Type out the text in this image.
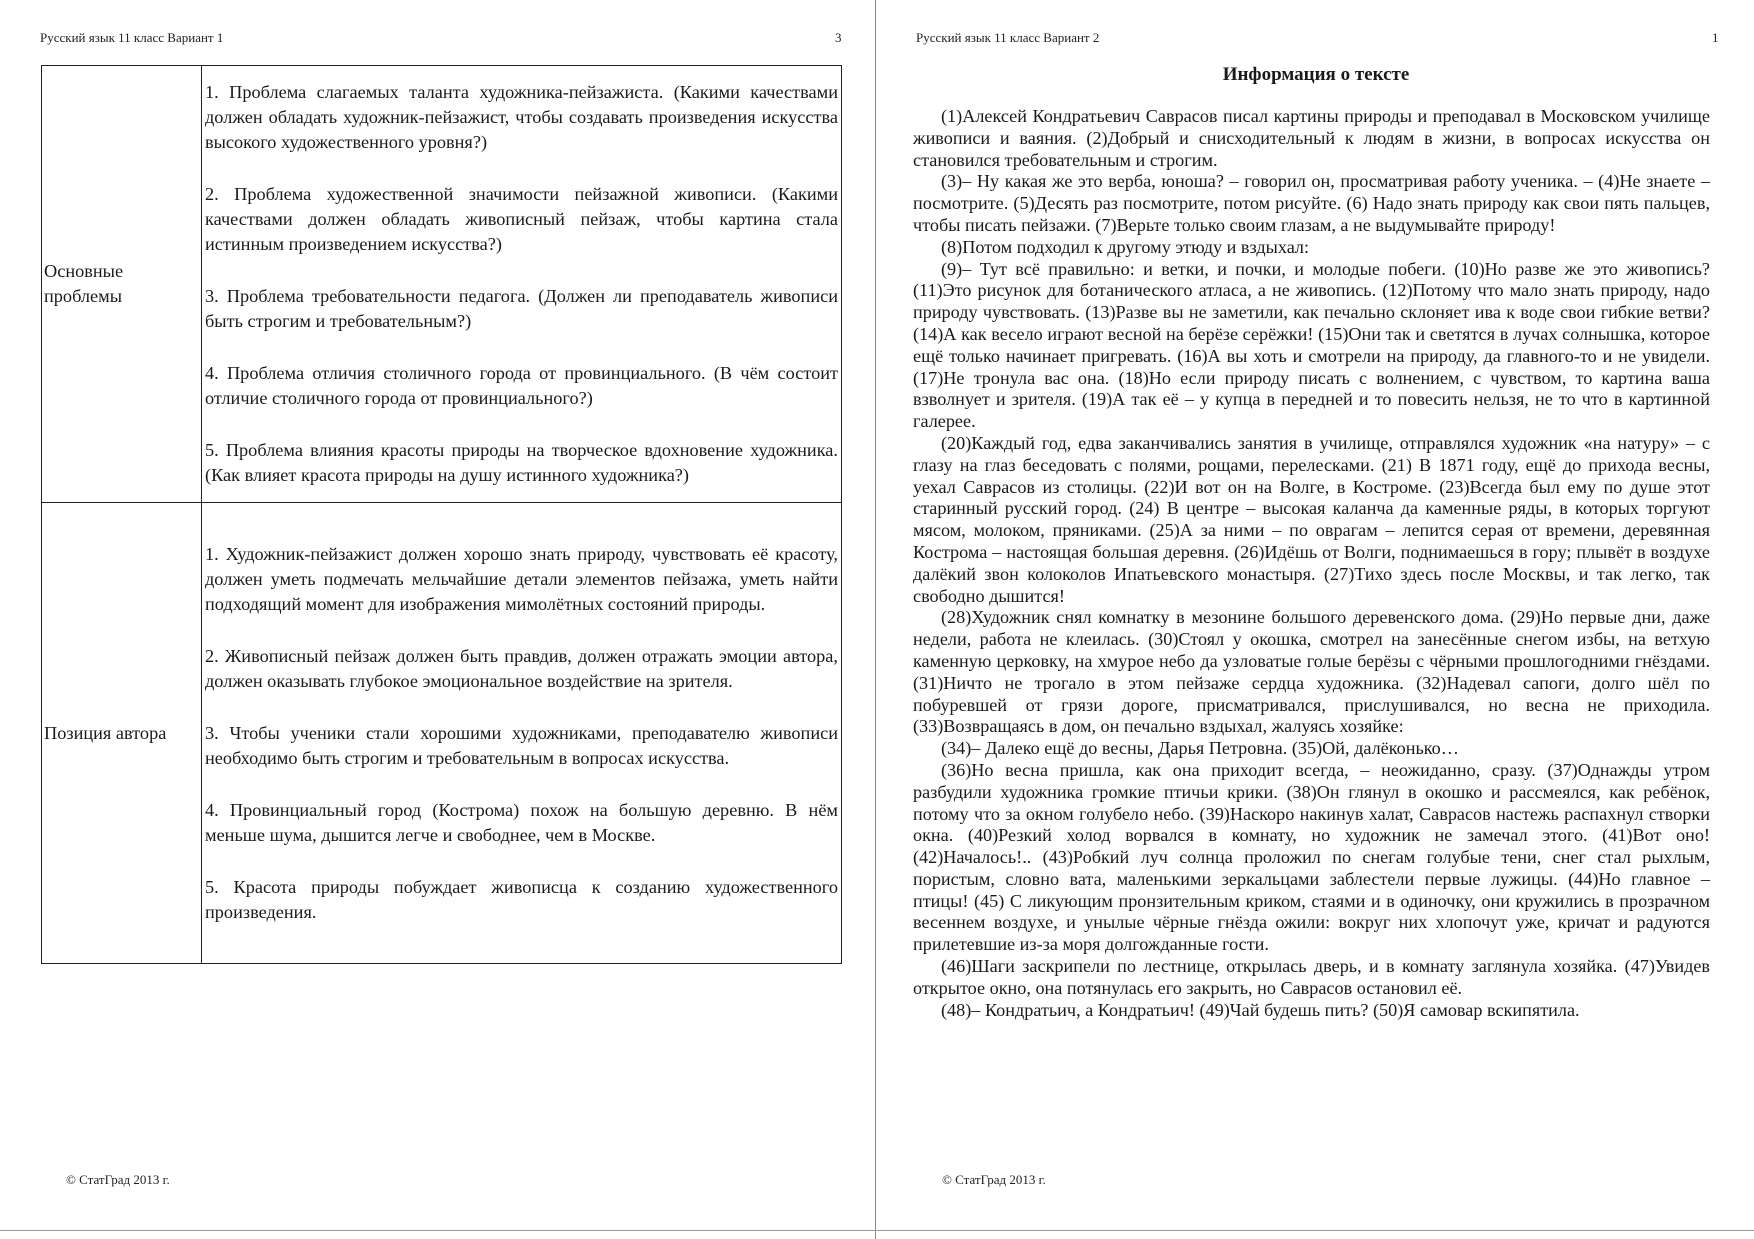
Русский язык 11 класс Вариант 1	3
Основные проблемы	1. Проблема слагаемых таланта художника-пейзажиста. (Какими качествами должен обладать художник-пейзажист, чтобы создавать произведения искусства высокого художественного уровня?)

2. Проблема художественной значимости пейзажной живописи. (Какими качествами должен обладать живописный пейзаж, чтобы картина стала истинным произведением искусства?)

3. Проблема требовательности педагога. (Должен ли преподаватель живописи быть строгим и требовательным?)

4. Проблема отличия столичного города от провинциального. (В чём состоит отличие столичного города от провинциального?)

5. Проблема влияния красоты природы на творческое вдохновение художника. (Как влияет красота природы на душу истинного художника?)

Позиция автора	1. Художник-пейзажист должен хорошо знать природу, чувствовать её красоту, должен уметь подмечать мельчайшие детали элементов пейзажа, уметь найти подходящий момент для изображения мимолётных состояний природы.

2. Живописный пейзаж должен быть правдив, должен отражать эмоции автора, должен оказывать глубокое эмоциональное воздействие на зрителя.

3. Чтобы ученики стали хорошими художниками, преподавателю живописи необходимо быть строгим и требовательным в вопросах искусства.

4. Провинциальный город (Кострома) похож на большую деревню. В нём меньше шума, дышится легче и свободнее, чем в Москве.

5. Красота природы побуждает живописца к созданию художественного произведения.

© СтатГрад 2013 г.
Русский язык 11 класс Вариант 2	1
Информация о тексте

(1)Алексей Кондратьевич Саврасов писал картины природы и преподавал в Московском училище живописи и ваяния. (2)Добрый и снисходительный к людям в жизни, в вопросах искусства он становился требовательным и строгим.

(3)– Ну какая же это верба, юноша? – говорил он, просматривая работу ученика. – (4)Не знаете – посмотрите. (5)Десять раз посмотрите, потом рисуйте. (6) Надо знать природу как свои пять пальцев, чтобы писать пейзажи. (7)Верьте только своим глазам, а не выдумывайте природу!

(8)Потом подходил к другому этюду и вздыхал:

(9)– Тут всё правильно: и ветки, и почки, и молодые побеги. (10)Но разве же это живопись? (11)Это рисунок для ботанического атласа, а не живопись. (12)Потому что мало знать природу, надо природу чувствовать. (13)Разве вы не заметили, как печально склоняет ива к воде свои гибкие ветви? (14)А как весело играют весной на берёзе серёжки! (15)Они так и светятся в лучах солнышка, которое ещё только начинает пригревать. (16)А вы хоть и смотрели на природу, да главного-то и не увидели. (17)Не тронула вас она. (18)Но если природу писать с волнением, с чувством, то картина ваша взволнует и зрителя. (19)А так её – у купца в передней и то повесить нельзя, не то что в картинной галерее.

(20)Каждый год, едва заканчивались занятия в училище, отправлялся художник «на натуру» – с глазу на глаз беседовать с полями, рощами, перелесками. (21) В 1871 году, ещё до прихода весны, уехал Саврасов из столицы. (22)И вот он на Волге, в Костроме. (23)Всегда был ему по душе этот старинный русский город. (24) В центре – высокая каланча да каменные ряды, в которых торгуют мясом, молоком, пряниками. (25)А за ними – по оврагам – лепится серая от времени, деревянная Кострома – настоящая большая деревня. (26)Идёшь от Волги, поднимаешься в гору; плывёт в воздухе далёкий звон колоколов Ипатьевского монастыря. (27)Тихо здесь после Москвы, и так легко, так свободно дышится!

(28)Художник снял комнатку в мезонине большого деревенского дома. (29)Но первые дни, даже недели, работа не клеилась. (30)Стоял у окошка, смотрел на занесённые снегом избы, на ветхую каменную церковку, на хмурое небо да узловатые голые берёзы с чёрными прошлогодними гнёздами. (31)Ничто не трогало в этом пейзаже сердца художника. (32)Надевал сапоги, долго шёл по побуревшей от грязи дороге, присматривался, прислушивался, но весна не приходила. (33)Возвращаясь в дом, он печально вздыхал, жалуясь хозяйке:

(34)– Далеко ещё до весны, Дарья Петровна. (35)Ой, далёконько…

(36)Но весна пришла, как она приходит всегда, – неожиданно, сразу. (37)Однажды утром разбудили художника громкие птичьи крики. (38)Он глянул в окошко и рассмеялся, как ребёнок, потому что за окном голубело небо. (39)Наскоро накинув халат, Саврасов настежь распахнул створки окна. (40)Резкий холод ворвался в комнату, но художник не замечал этого. (41)Вот оно! (42)Началось!.. (43)Робкий луч солнца проложил по снегам голубые тени, снег стал рыхлым, пористым, словно вата, маленькими зеркальцами заблестели первые лужицы. (44)Но главное – птицы! (45) С ликующим пронзительным криком, стаями и в одиночку, они кружились в прозрачном весеннем воздухе, и унылые чёрные гнёзда ожили: вокруг них хлопочут уже, кричат и радуются прилетевшие из-за моря долгожданные гости.

(46)Шаги заскрипели по лестнице, открылась дверь, и в комнату заглянула хозяйка. (47)Увидев открытое окно, она потянулась его закрыть, но Саврасов остановил её.

(48)– Кондратьич, а Кондратьич! (49)Чай будешь пить? (50)Я самовар вскипятила.

© СтатГрад 2013 г.
